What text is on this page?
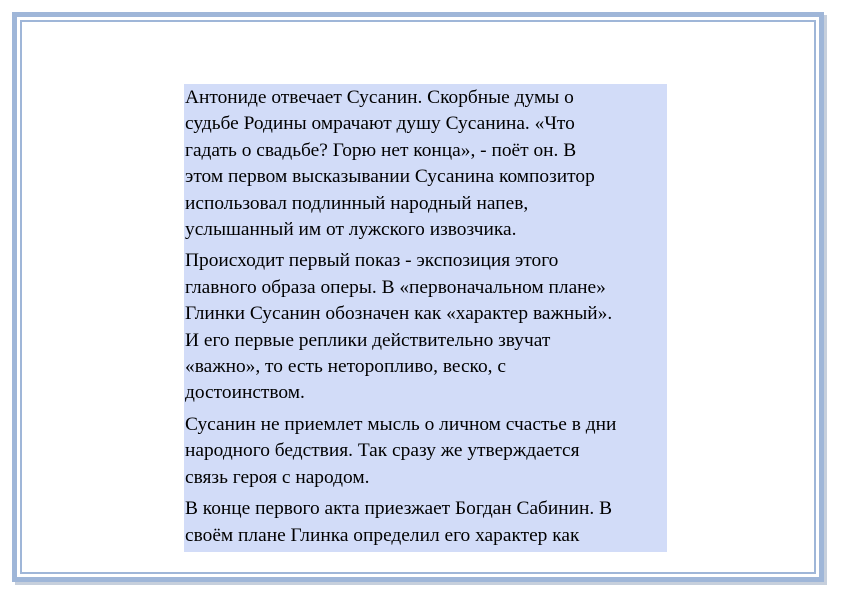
Антониде отвечает Сусанин. Скорбные думы о
судьбе Родины омрачают душу Сусанина. «Что
гадать о свадьбе? Горю нет конца», - поёт он. В
этом первом высказывании Сусанина композитор
использовал подлинный народный напев,
услышанный им от лужского извозчика.

Происходит первый показ - экспозиция этого
главного образа оперы. В «первоначальном плане»
Глинки Сусанин обозначен как «характер важный».
И его первые реплики действительно звучат
«важно», то есть неторопливо, веско, с
достоинством.

Сусанин не приемлет мысль о личном счастье в дни
народного бедствия. Так сразу же утверждается
связь героя с народом.

В конце первого акта приезжает Богдан Сабинин. В
своём плане Глинка определил его характер как
